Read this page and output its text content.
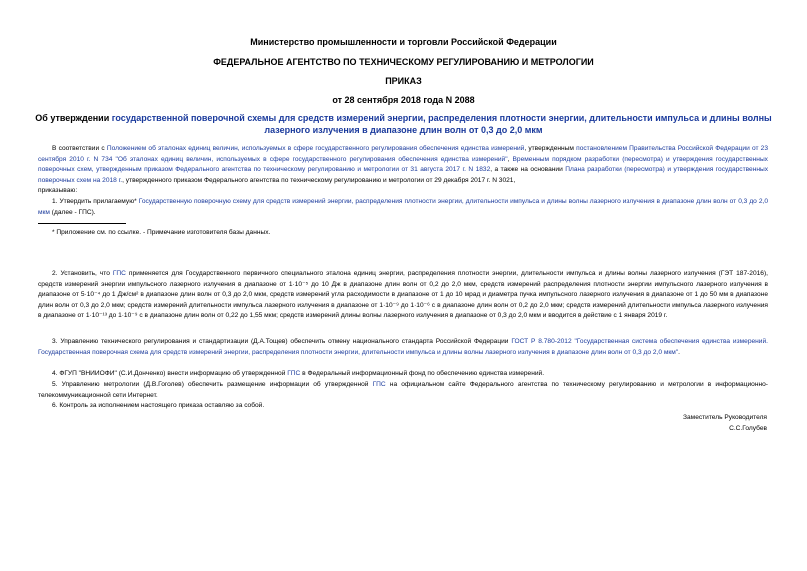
Министерство промышленности и торговли Российской Федерации
ФЕДЕРАЛЬНОЕ АГЕНТСТВО ПО ТЕХНИЧЕСКОМУ РЕГУЛИРОВАНИЮ И МЕТРОЛОГИИ
ПРИКАЗ
от 28 сентября 2018 года N 2088
Об утверждении государственной поверочной схемы для средств измерений энергии, распределения плотности энергии, длительности импульса и длины волны лазерного излучения в диапазоне длин волн от 0,3 до 2,0 мкм
В соответствии с Положением об эталонах единиц величин, используемых в сфере государственного регулирования обеспечения единства измерений, утвержденным постановлением Правительства Российской Федерации от 23 сентября 2010 г. N 734 "Об эталонах единиц величин, используемых в сфере государственного регулирования обеспечения единства измерений", Временным порядком разработки (пересмотра) и утверждения государственных поверочных схем, утвержденным приказом Федерального агентства по техническому регулированию и метрологии от 31 августа 2017 г. N 1832, а также на основании Плана разработки (пересмотра) и утверждения государственных поверочных схем на 2018 г., утвержденного приказом Федерального агентства по техническому регулированию и метрологии от 29 декабря 2017 г. N 3021,
приказываю:
1. Утвердить прилагаемую* Государственную поверочную схему для средств измерений энергии, распределения плотности энергии, длительности импульса и длины волны лазерного излучения в диапазоне длин волн от 0,3 до 2,0 мкм (далее - ГПС).
* Приложение см. по ссылке. - Примечание изготовителя базы данных.
2. Установить, что ГПС применяется для Государственного первичного специального эталона единиц энергии, распределения плотности энергии, длительности импульса и длины волны лазерного излучения (ГЭТ 187-2016), средств измерений энергии импульсного лазерного излучения в диапазоне от 1·10⁻⁵ до 10 Дж в диапазоне длин волн от 0,2 до 2,0 мкм, средств измерений распределения плотности энергии импульсного лазерного излучения в диапазоне от 5·10⁻⁴ до 1 Дж/см² в диапазоне длин волн от 0,3 до 2,0 мкм, средств измерений угла расходимости в диапазоне от 1 до 10 мрад и диаметра пучка импульсного лазерного излучения в диапазоне от 1 до 50 мм в диапазоне длин волн от 0,3 до 2,0 мкм; средств измерений длительности импульса лазерного излучения в диапазоне от 1·10⁻⁹ до 1·10⁻⁶ с в диапазоне длин волн от 0,2 до 2,0 мкм; средств измерений длительности импульса лазерного излучения в диапазоне от 1·10⁻¹³ до 1·10⁻⁹ с в диапазоне длин волн от 0,22 до 1,55 мкм; средств измерений длины волны лазерного излучения в диапазоне от 0,3 до 2,0 мкм и вводится в действие с 1 января 2019 г.
3. Управлению технического регулирования и стандартизации (Д.А.Тощев) обеспечить отмену национального стандарта Российской Федерации ГОСТ Р 8.780-2012 "Государственная система обеспечения единства измерений. Государственная поверочная схема для средств измерений энергии, распределения плотности энергии, длительности импульса и длины волны лазерного излучения в диапазоне длин волн от 0,3 до 2,0 мкм".
4. ФГУП "ВНИИОФИ" (С.И.Донченко) внести информацию об утвержденной ГПС в Федеральный информационный фонд по обеспечению единства измерений.
5. Управлению метрологии (Д.В.Гоголев) обеспечить размещение информации об утвержденной ГПС на официальном сайте Федерального агентства по техническому регулированию и метрологии в информационно-телекоммуникационной сети Интернет.
6. Контроль за исполнением настоящего приказа оставляю за собой.
Заместитель Руководителя
С.С.Голубев
